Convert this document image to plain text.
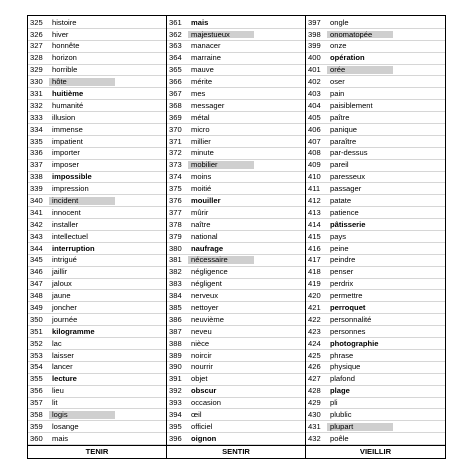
325	histoire
326	hiver
327	honnête
328	horizon
329	horrible
330	hôte
331	huitième
332	humanité
333	illusion
334	immense
335	impatient
336	importer
337	imposer
338	impossible
339	impression
340	incident
341	innocent
342	installer
343	intellectuel
344	interruption
345	intrigué
346	jaillir
347	jaloux
348	jaune
349	joncher
350	journée
351	kilogramme
352	lac
353	laisser
354	lancer
355	lecture
356	lieu
357	lit
358	logis
359	losange
360	mais
361	mais
362	majestueux
363	manacer
364	marraine
365	mauve
366	mérite
367	mes
368	messager
369	métal
370	micro
371	millier
372	minute
373	mobilier
374	moins
375	moitié
376	mouiller
377	mûrir
378	naître
379	national
380	naufrage
381	nécessaire
382	négligence
383	négligent
384	nerveux
385	nettoyer
386	neuvième
387	neveu
388	nièce
389	noircir
390	nourrir
391	objet
392	obscur
393	occasion
394	œil
395	officiel
396	oignon
397	ongle
398	onomatopée
399	onze
400	opération
401	orée
402	oser
403	pain
404	paisiblement
405	paître
406	panique
407	paraître
408	par-dessus
409	pareil
410	paresseux
411	passager
412	patate
413	patience
414	pâtisserie
415	pays
416	peine
417	peindre
418	penser
419	perdrix
420	permettre
421	perroquet
422	personnalité
423	personnes
424	photographie
425	phrase
426	physique
427	plafond
428	plage
429	pli
430	plublic
431	plupart
432	poêle
TENIR	SENTIR	VIEILLIR
